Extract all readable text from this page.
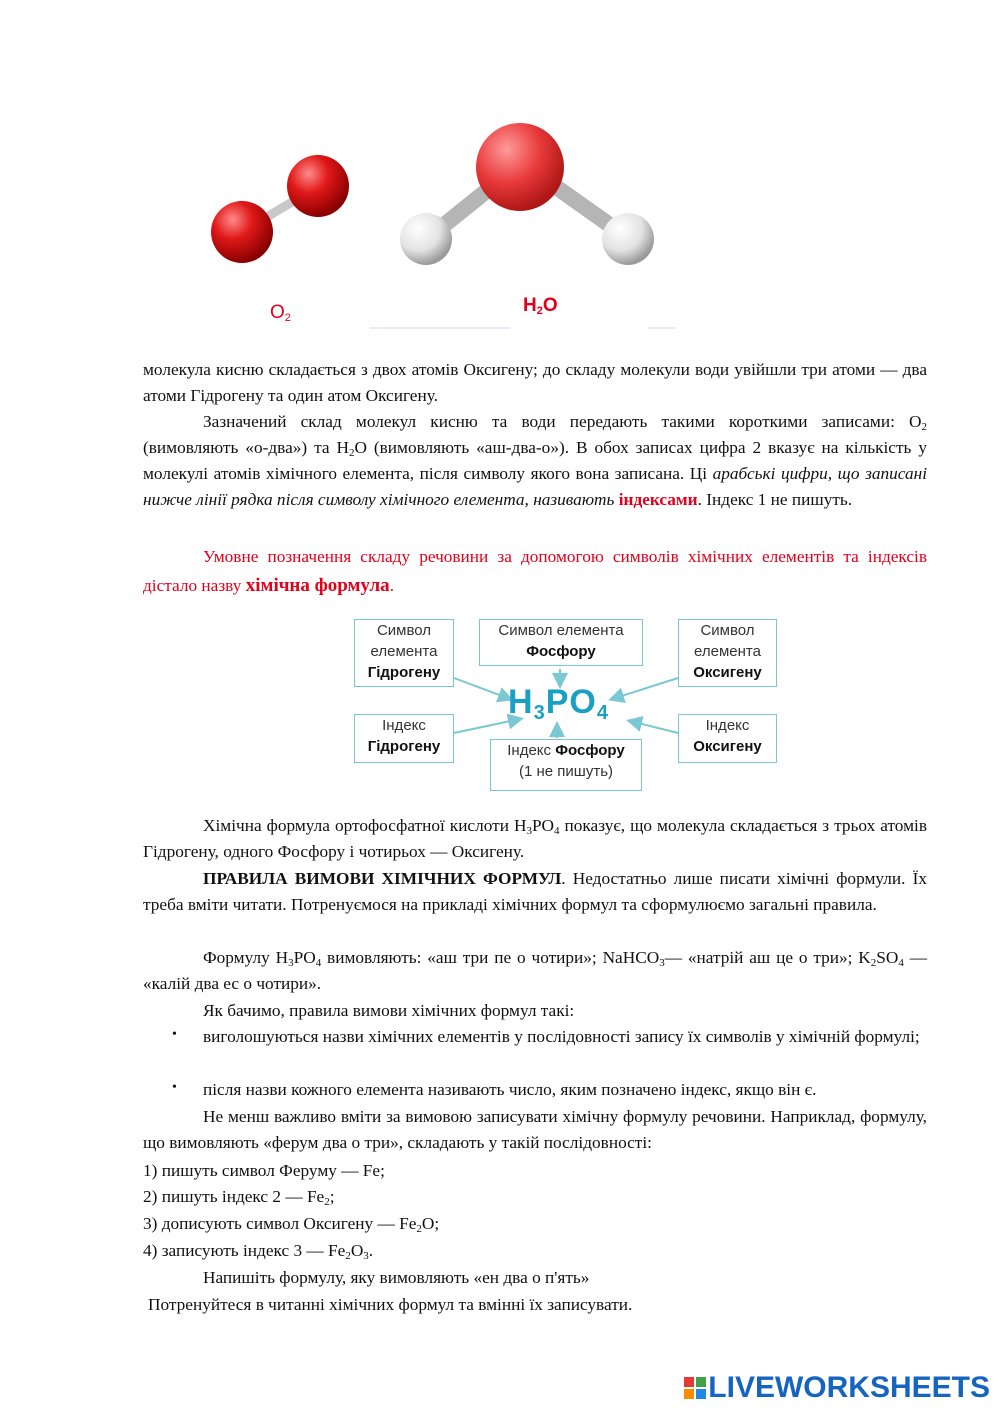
$O_2$
$H_2O$
молекула кисню складається з двох атомів Оксигену; до складу молекули води увійшли три атоми — два атоми Гідрогену та один атом Оксигену.
Зазначений склад молекул кисню та води передають такими короткими записами: $O_2$ (вимовляють «о-два») та $H_2O$ (вимовляють «аш-два-о»). В обох записах цифра 2 вказує на кількість у молекулі атомів хімічного елемента, після символу якого вона записана. Ці арабські цифри, що записані нижче лінії рядка після символу хімічного елемента, називають індексами. Індекс 1 не пишуть.
Умовне позначення складу речовини за допомогою символів хімічних елементів та індексів дістало назву хімічна формула.
Символ
елемента
Гідрогену
Символ елемента
Фосфору
Символ
елемента
Оксигену
$H_3PO_4$
Індекс
Гідрогену	Індекс Фосфору
(1 не пишуть)
Індекс
Оксигену
Хімічна формула ортофосфатної кислоти $H_3PO_4$ показує, що молекула складається з трьох атомів Гідрогену, одного Фосфору і чотирьох — Оксигену.
ПРАВИЛА ВИМОВИ ХІМІЧНИХ ФОРМУЛ. Недостатньо лише писати хімічні формули. Їх треба вміти читати. Потренуємося на прикладі хімічних формул та сформулюємо загальні правила.
Формулу $H_3PO_4$ вимовляють: «аш три пе о чотири»; NaHCO$_3$— «натрій аш це о три»; $K_2SO_4$ — «калій два ес о чотири».
Як бачимо, правила вимови хімічних формул такі:
• виголошуються назви хімічних елементів у послідовності запису їх символів у хімічній формулі;
• після назви кожного елемента називають число, яким позначено індекс, якщо він є.
Не менш важливо вміти за вимовою записувати хімічну формулу речовини. Наприклад, формулу, що вимовляють «ферум два о три», складають у такій послідовності:
1) пишуть символ Феруму — Fe;
2) пишуть індекс 2 — $Fe_2$;
3) дописують символ Оксигену — $Fe_2O$;
4) записують індекс 3 — $Fe_2O_3$.
Напишіть формулу, яку вимовляють «ен два о п'ять»
Потренуйтеся в читанні хімічних формул та вмінні їх записувати.
LIVEWORKSHEETS
